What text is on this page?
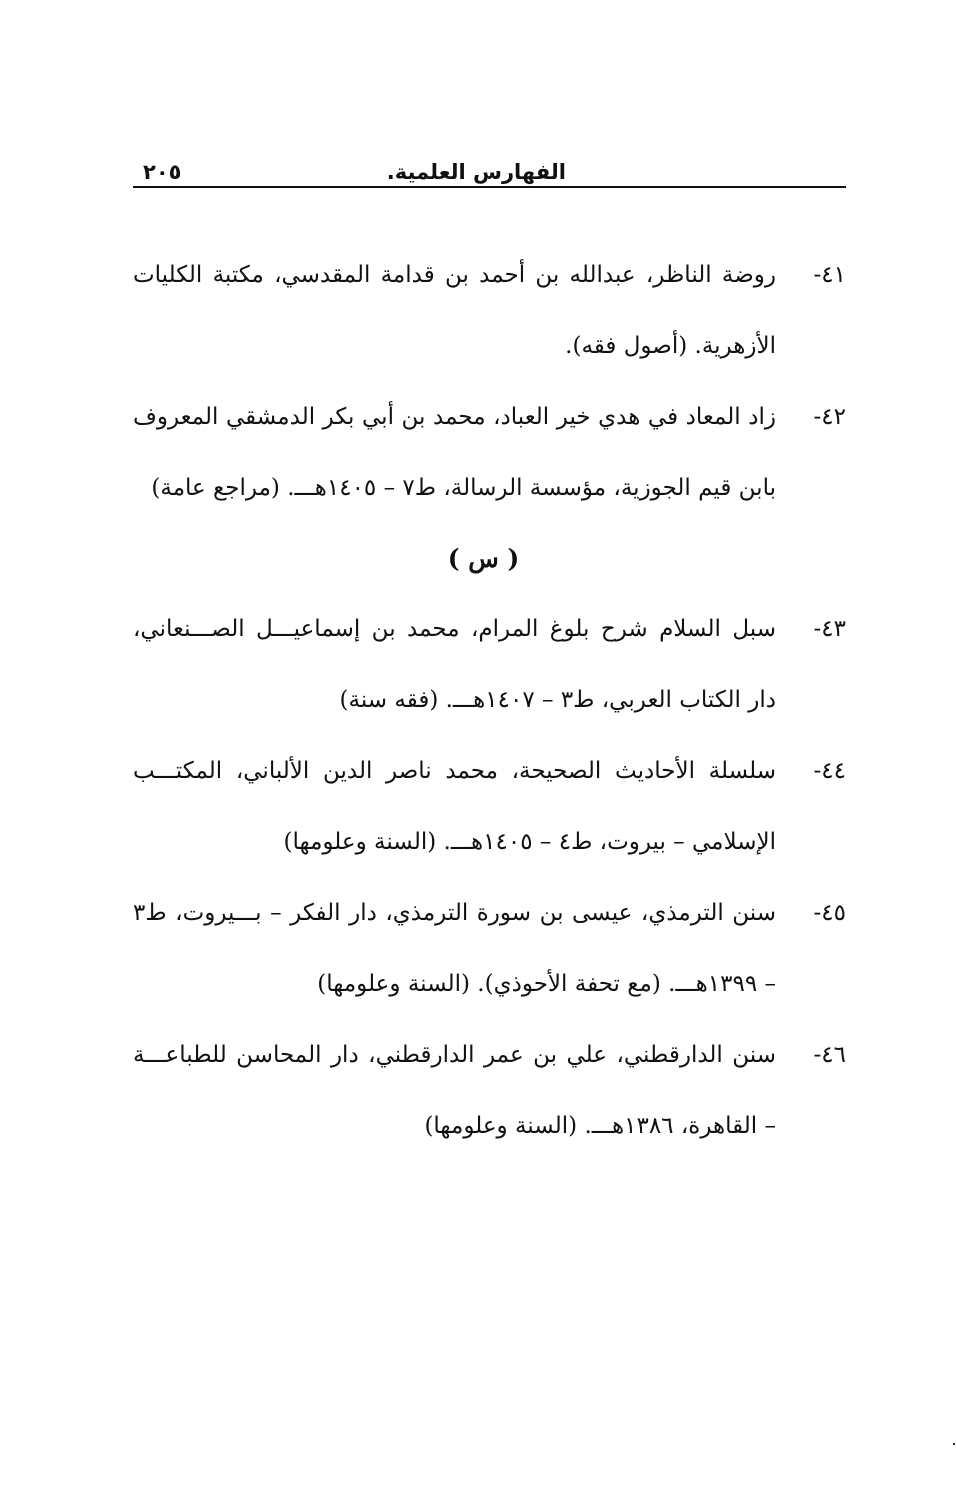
الفهارس العلمية.
٢٠٥
٤١-
روضة الناظر، عبدالله بن أحمد بن قدامة المقدسي، مكتبة الكليات الأزهرية. (أصول فقه).
٤٢-
زاد المعاد في هدي خير العباد، محمد بن أبي بكر الدمشقي المعروف بابن قيم الجوزية، مؤسسة الرسالة، ط٧ – ١٤٠٥هـــ. (مراجع عامة)
( س )
٤٣-
سبل السلام شرح بلوغ المرام، محمد بن إسماعيـــل الصـــنعاني، دار الكتاب العربي، ط٣ – ١٤٠٧هـــ. (فقه سنة)
٤٤-
سلسلة الأحاديث الصحيحة، محمد ناصر الدين الألباني، المكتـــب الإسلامي – بيروت، ط٤ – ١٤٠٥هـــ. (السنة وعلومها)
٤٥-
سنن الترمذي، عيسى بن سورة الترمذي، دار الفكر – بـــيروت، ط٣ – ١٣٩٩هـــ. (مع تحفة الأحوذي). (السنة وعلومها)
٤٦-
سنن الدارقطني، علي بن عمر الدارقطني، دار المحاسن للطباعـــة – القاهرة، ١٣٨٦هـــ. (السنة وعلومها)
